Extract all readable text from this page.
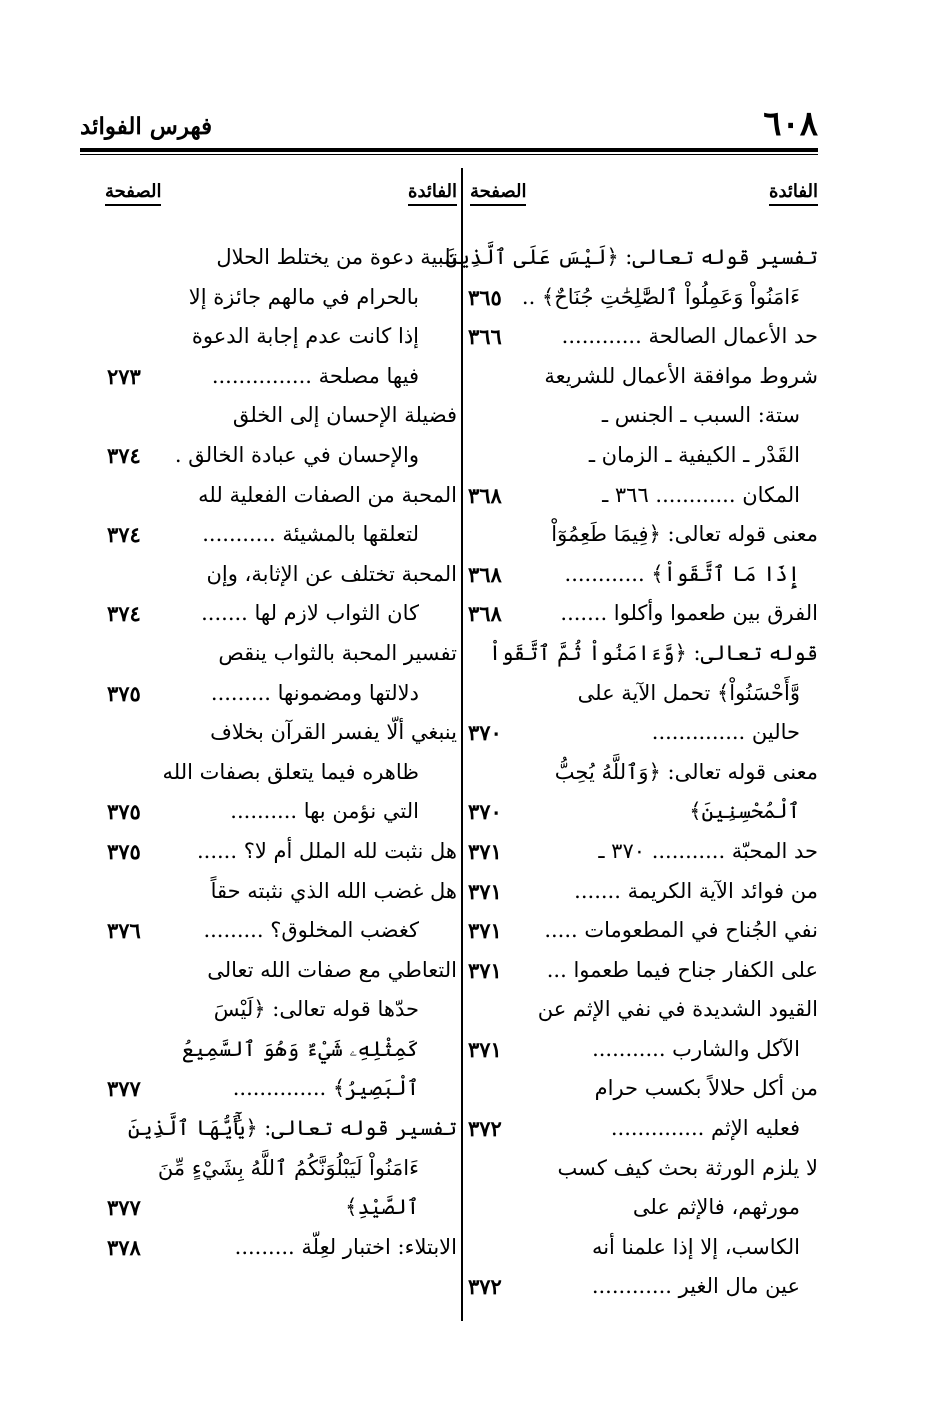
٦٠٨
فهرس الفوائد
الفائدة
الصفحة
تفسير قوله تعالى: ﴿لَيْسَ عَلَى ٱلَّذِينَ
ءَامَنُواْ وَعَمِلُواْ ٱلصَّٰلِحَٰتِ جُنَاحٌ﴾ ..
٣٦٥
حد الأعمال الصالحة ............
٣٦٦
شروط موافقة الأعمال للشريعة
ستة: السبب ـ الجنس ـ
القَدْر ـ الكيفية ـ الزمان ـ
المكان ............ ٣٦٦ ـ
٣٦٨
معنى قوله تعالى: ﴿فِيمَا طَعِمُوٓاْ
إِذَا مَا ٱتَّقَواْ﴾ ............
٣٦٨
الفرق بين طعموا وأكلوا .......
٣٦٨
قوله تعالى: ﴿وَّءَامَنُواْ ثُمَّ ٱتَّقَواْ
وَّأَحْسَنُواْ﴾ تحمل الآية على
حالين ..............
٣٧٠
معنى قوله تعالى: ﴿وَٱللَّهُ يُحِبُّ
ٱلْمُحْسِنِينَ﴾
٣٧٠
حد المحبّة ........... ٣٧٠ ـ
٣٧١
من فوائد الآية الكريمة .......
٣٧١
نفي الجُناح في المطعومات .....
٣٧١
على الكفار جناح فيما طعموا ...
٣٧١
القيود الشديدة في نفي الإثم عن
الآكل والشارب ...........
٣٧١
من أكل حلالاً بكسب حرام
فعليه الإثم ..............
٣٧٢
لا يلزم الورثة بحث كيف كسب
مورثهم، فالإثم على
الكاسب، إلا إذا علمنا أنه
عين مال الغير ............
٣٧٢
الفائدة
الصفحة
تلبية دعوة من يختلط الحلال
بالحرام في مالهم جائزة إلا
إذا كانت عدم إجابة الدعوة
فيها مصلحة ...............
٢٧٣
فضيلة الإحسان إلى الخلق
والإحسان في عبادة الخالق .
٣٧٤
المحبة من الصفات الفعلية لله
لتعلقها بالمشيئة ...........
٣٧٤
المحبة تختلف عن الإثابة، وإن
كان الثواب لازم لها .......
٣٧٤
تفسير المحبة بالثواب ينقص
دلالتها ومضمونها .........
٣٧٥
ينبغي ألّا يفسر القرآن بخلاف
ظاهره فيما يتعلق بصفات الله
التي نؤمن بها ..........
٣٧٥
هل نثبت لله الملل أم لا؟ ......
٣٧٥
هل غضب الله الذي نثبته حقاً
كغضب المخلوق؟ .........
٣٧٦
التعاطي مع صفات الله تعالى
حدّها قوله تعالى: ﴿لَيْسَ
كَمِثْلِهِۦ شَيْءٌ وَهُوَ ٱلسَّمِيعُ
ٱلْبَصِيرُ﴾ ..............
٣٧٧
تفسير قوله تعالى: ﴿يَٰٓأَيُّهَا ٱلَّذِينَ
ءَامَنُواْ لَيَبْلُوَنَّكُمُ ٱللَّهُ بِشَيْءٍ مِّنَ
ٱلصَّيْدِ﴾
٣٧٧
الابتلاء: اختبار لعِلّة .........
٣٧٨
